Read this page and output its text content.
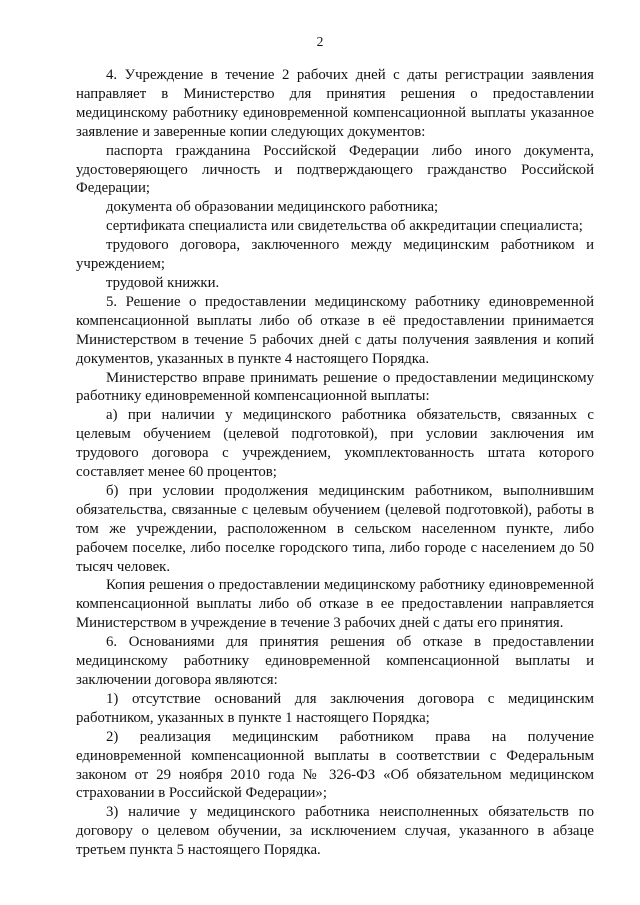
2

4. Учреждение в течение 2 рабочих дней с даты регистрации заявления направляет в Министерство для принятия решения о предоставлении медицинскому работнику единовременной компенсационной выплаты указанное заявление и заверенные копии следующих документов:

паспорта гражданина Российской Федерации либо иного документа, удостоверяющего личность и подтверждающего гражданство Российской Федерации;

документа об образовании медицинского работника;

сертификата специалиста или свидетельства об аккредитации специалиста;

трудового договора, заключенного между медицинским работником и учреждением;

трудовой книжки.

5. Решение о предоставлении медицинскому работнику единовременной компенсационной выплаты либо об отказе в её предоставлении принимается Министерством в течение 5 рабочих дней с даты получения заявления и копий документов, указанных в пункте 4 настоящего Порядка.

Министерство вправе принимать решение о предоставлении медицинскому работнику единовременной компенсационной выплаты:

а) при наличии у медицинского работника обязательств, связанных с целевым обучением (целевой подготовкой), при условии заключения им трудового договора с учреждением, укомплектованность штата которого составляет менее 60 процентов;

б) при условии продолжения медицинским работником, выполнившим обязательства, связанные с целевым обучением (целевой подготовкой), работы в том же учреждении, расположенном в сельском населенном пункте, либо рабочем поселке, либо поселке городского типа, либо городе с населением до 50 тысяч человек.

Копия решения о предоставлении медицинскому работнику единовременной компенсационной выплаты либо об отказе в ее предоставлении направляется Министерством в учреждение в течение 3 рабочих дней с даты его принятия.

6. Основаниями для принятия решения об отказе в предоставлении медицинскому работнику единовременной компенсационной выплаты и заключении договора являются:

1) отсутствие оснований для заключения договора с медицинским работником, указанных в пункте 1 настоящего Порядка;

2) реализация медицинским работником права на получение единовременной компенсационной выплаты в соответствии с Федеральным законом от 29 ноября 2010 года № 326-ФЗ «Об обязательном медицинском страховании в Российской Федерации»;

3) наличие у медицинского работника неисполненных обязательств по договору о целевом обучении, за исключением случая, указанного в абзаце третьем пункта 5 настоящего Порядка.
